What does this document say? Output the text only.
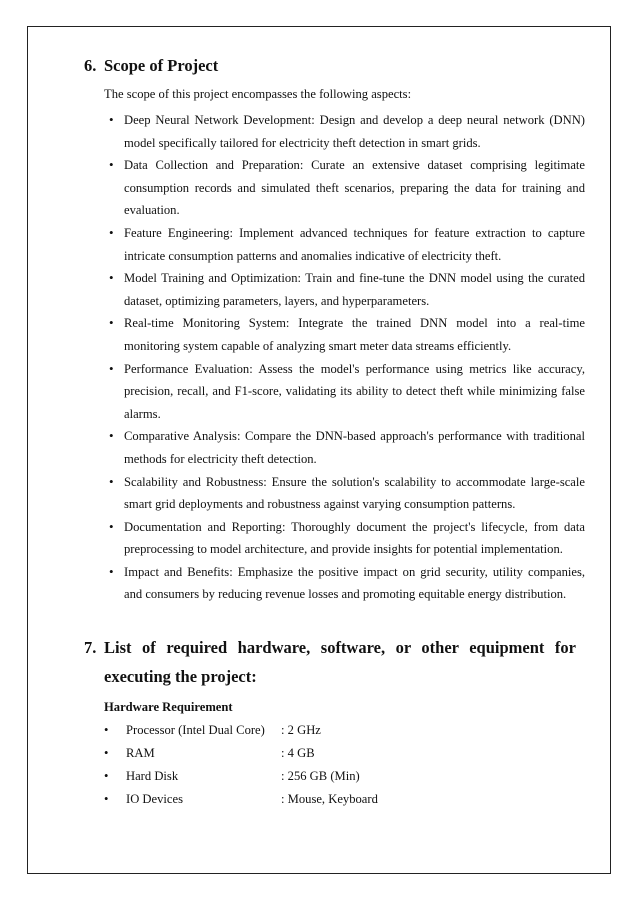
6. Scope of Project

The scope of this project encompasses the following aspects:

• Deep Neural Network Development: Design and develop a deep neural network (DNN) model specifically tailored for electricity theft detection in smart grids.
• Data Collection and Preparation: Curate an extensive dataset comprising legitimate consumption records and simulated theft scenarios, preparing the data for training and evaluation.
• Feature Engineering: Implement advanced techniques for feature extraction to capture intricate consumption patterns and anomalies indicative of electricity theft.
• Model Training and Optimization: Train and fine-tune the DNN model using the curated dataset, optimizing parameters, layers, and hyperparameters.
• Real-time Monitoring System: Integrate the trained DNN model into a real-time monitoring system capable of analyzing smart meter data streams efficiently.
• Performance Evaluation: Assess the model's performance using metrics like accuracy, precision, recall, and F1-score, validating its ability to detect theft while minimizing false alarms.
• Comparative Analysis: Compare the DNN-based approach's performance with traditional methods for electricity theft detection.
• Scalability and Robustness: Ensure the solution's scalability to accommodate large-scale smart grid deployments and robustness against varying consumption patterns.
• Documentation and Reporting: Thoroughly document the project's lifecycle, from data preprocessing to model architecture, and provide insights for potential implementation.
• Impact and Benefits: Emphasize the positive impact on grid security, utility companies, and consumers by reducing revenue losses and promoting equitable energy distribution.
7. List of required hardware, software, or other equipment for
executing the project:
Hardware Requirement
•	Processor (Intel Dual Core)	: 2 GHz
•	RAM	: 4 GB
•	Hard Disk	: 256 GB (Min)
•	IO Devices	: Mouse, Keyboard
